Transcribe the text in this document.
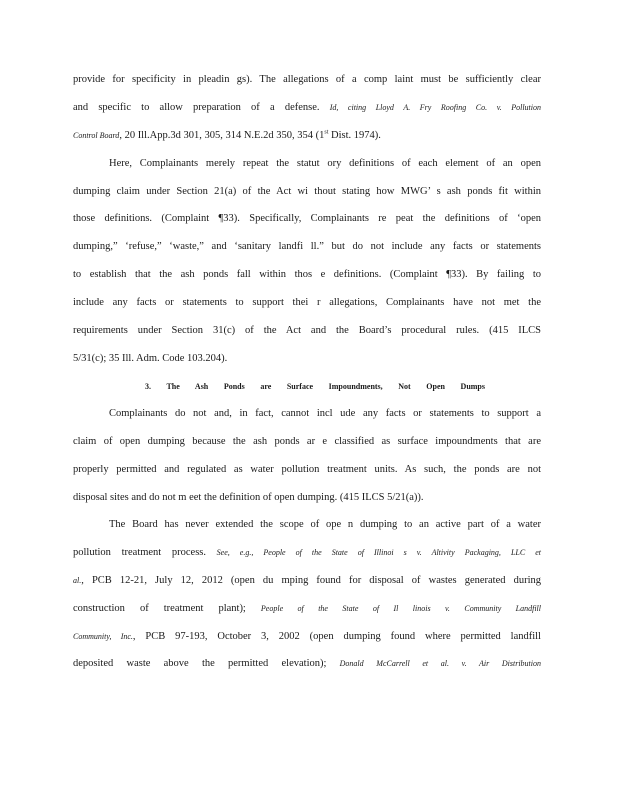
provide for specificity in pleadin gs). The allegations of a comp laint must be sufficiently clear
and specific to allow preparation of a defense. Id, citing Lloyd A. Fry Roofing Co. v. Pollution
Control Board, 20 Ill.App.3d 301, 305, 314 N.E.2d 350, 354 (1st Dist. 1974).
Here, Complainants merely repeat the statut ory definitions of each element of an open
dumping claim under Section 21(a) of the Act wi thout stating how MWG’ s ash ponds fit within
those definitions. (Complaint ¶33). Specifically, Complainants re peat the definitions of ‘open
dumping,” ‘refuse,” ‘waste,” and ‘sanitary landfi ll.” but do not include any facts or statements
to establish that the ash ponds fall within thos e definitions. (Complaint ¶33). By failing to
include any facts or statements to support thei r allegations, Complainants have not met the
requirements under Section 31(c) of the Act and the Board’s procedural rules. (415 ILCS
5/31(c); 35 Ill. Adm. Code 103.204).
3. The Ash Ponds are Surface Impoundments, Not Open Dumps
Complainants do not and, in fact, cannot incl ude any facts or statements to support a
claim of open dumping because the ash ponds ar e classified as surface impoundments that are
properly permitted and regulated as water pollution treatment units. As such, the ponds are not
disposal sites and do not m eet the definition of open dumping. (415 ILCS 5/21(a)).
The Board has never extended the scope of ope n dumping to an active part of a water
pollution treatment process. See, e.g., People of the State of Illinoi s v. Altivity Packaging, LLC et
al., PCB 12-21, July 12, 2012 (open du mping found for disposal of wastes generated during
construction of treatment plant); People of the State of Il linois v. Community Landfill
Community, Inc., PCB 97-193, October 3, 2002 (open dumping found where permitted landfill
deposited waste above the permitted elevation); Donald McCarrell et al. v. Air Distribution
